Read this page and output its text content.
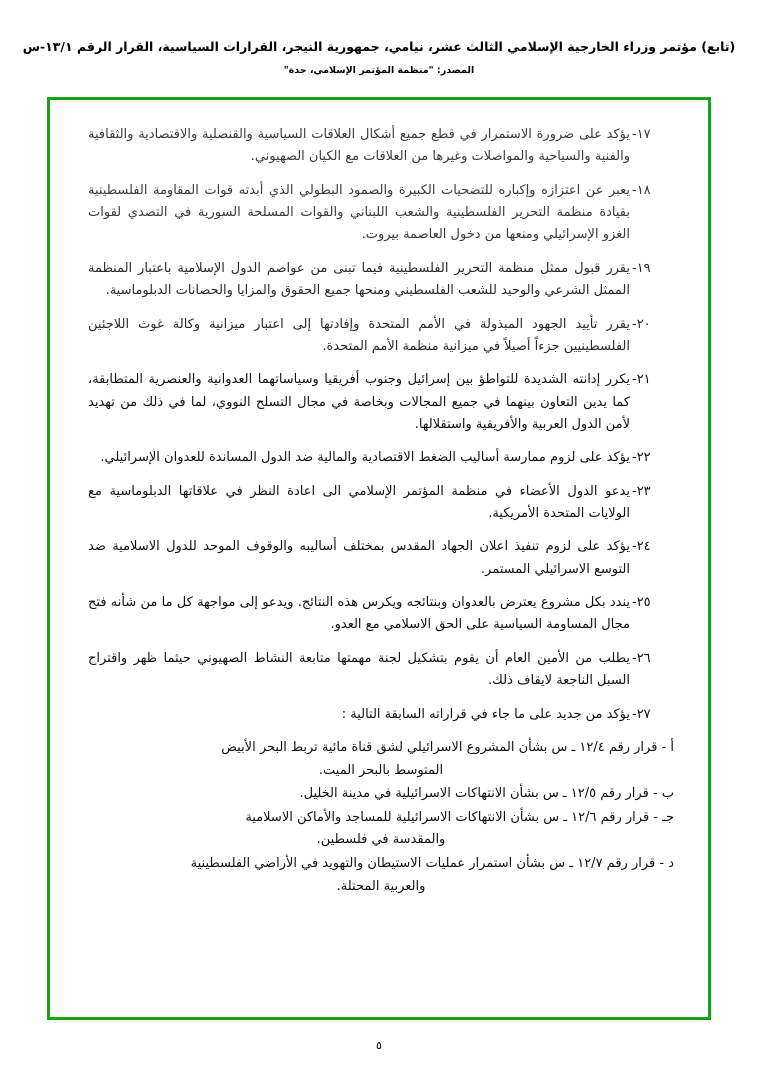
(تابع) مؤتمر وزراء الخارجية الإسلامي الثالث عشر، نيامي، جمهورية النيجر، القرارات السياسية، القرار الرقم ١٣/١-س
المصدر: "منظمة المؤتمر الإسلامي، جدة"
١٧-
يؤكد على ضرورة الاستمرار في قطع جميع أشكال العلاقات السياسية والقنصلية والاقتصادية والثقافية والفنية والسياحية والمواصلات وغيرها من العلاقات مع الكيان الصهيوني.
١٨-
يعبر عن اعتزازه وإكباره للتضحيات الكبيرة والصمود البطولي الذي أبدته قوات المقاومة الفلسطينية بقيادة منظمة التحرير الفلسطينية والشعب اللبناني والقوات المسلحة السورية في التصدي لقوات الغزو الإسرائيلي ومنعها من دخول العاصمة بيروت.
١٩-
يقرر قبول ممثل منظمة التحرير الفلسطينية فيما تبنى من عواصم الدول الإسلامية باعتبار المنظمة الممثل الشرعي والوحيد للشعب الفلسطيني ومنحها جميع الحقوق والمزايا والحصانات الدبلوماسية.
٢٠-
يقرر تأييد الجهود المبذولة في الأمم المتحدة وإفادتها إلى اعتبار ميزانية وكالة غوث اللاجئين الفلسطينيين جزءاً أصيلاً في ميزانية منظمة الأمم المتحدة.
٢١-
يكرر إدانته الشديدة للتواطؤ بين إسرائيل وجنوب أفريقيا وسياساتهما العدوانية والعنصرية المتطابقة، كما يدين التعاون بينهما في جميع المجالات وبخاصة في مجال التسلح النووي، لما في ذلك من تهديد لأمن الدول العربية والأفريقية واستقلالها.
٢٢-
يؤكد على لزوم ممارسة أساليب الضغط الاقتصادية والمالية ضد الدول المساندة للعدوان الإسرائيلي.
٢٣-
يدعو الدول الأعضاء في منظمة المؤتمر الإسلامي الى اعادة النظر في علاقاتها الدبلوماسية مع الولايات المتحدة الأمريكية.
٢٤-
يؤكد على لزوم تنفيذ اعلان الجهاد المقدس بمختلف أساليبه والوقوف الموحد للدول الاسلامية ضد التوسع الاسرائيلي المستمر.
٢٥-
يندد بكل مشروع يعترض بالعدوان وبنتائجه ويكرس هذه النتائج. ويدعو إلى مواجهة كل ما من شأنه فتح مجال المساومة السياسية على الحق الاسلامي مع العدو.
٢٦-
يطلب من الأمين العام أن يقوم بتشكيل لجنة مهمتها متابعة النشاط الصهيوني حيثما ظهر واقتراح السبل الناجعة لايقاف ذلك.
٢٧-
يؤكد من جديد على ما جاء في قراراته السابقة التالية :
أ - قرار رقم ١٢/٤ ـ س بشأن المشروع الاسرائيلي لشق قناة مائية تربط البحر الأبيض
المتوسط بالبحر الميت.
ب - قرار رقم ١٢/٥ ـ س بشأن الانتهاكات الاسرائيلية في مدينة الخليل.
جـ - قرار رقم ١٢/٦ ـ س بشأن الانتهاكات الاسرائيلية للمساجد والأماكن الاسلامية
والمقدسة في فلسطين.
د - قرار رقم ١٢/٧ ـ س بشأن استمرار عمليات الاستيطان والتهويد في الأراضي الفلسطينية
والعربية المحتلة.
٥
